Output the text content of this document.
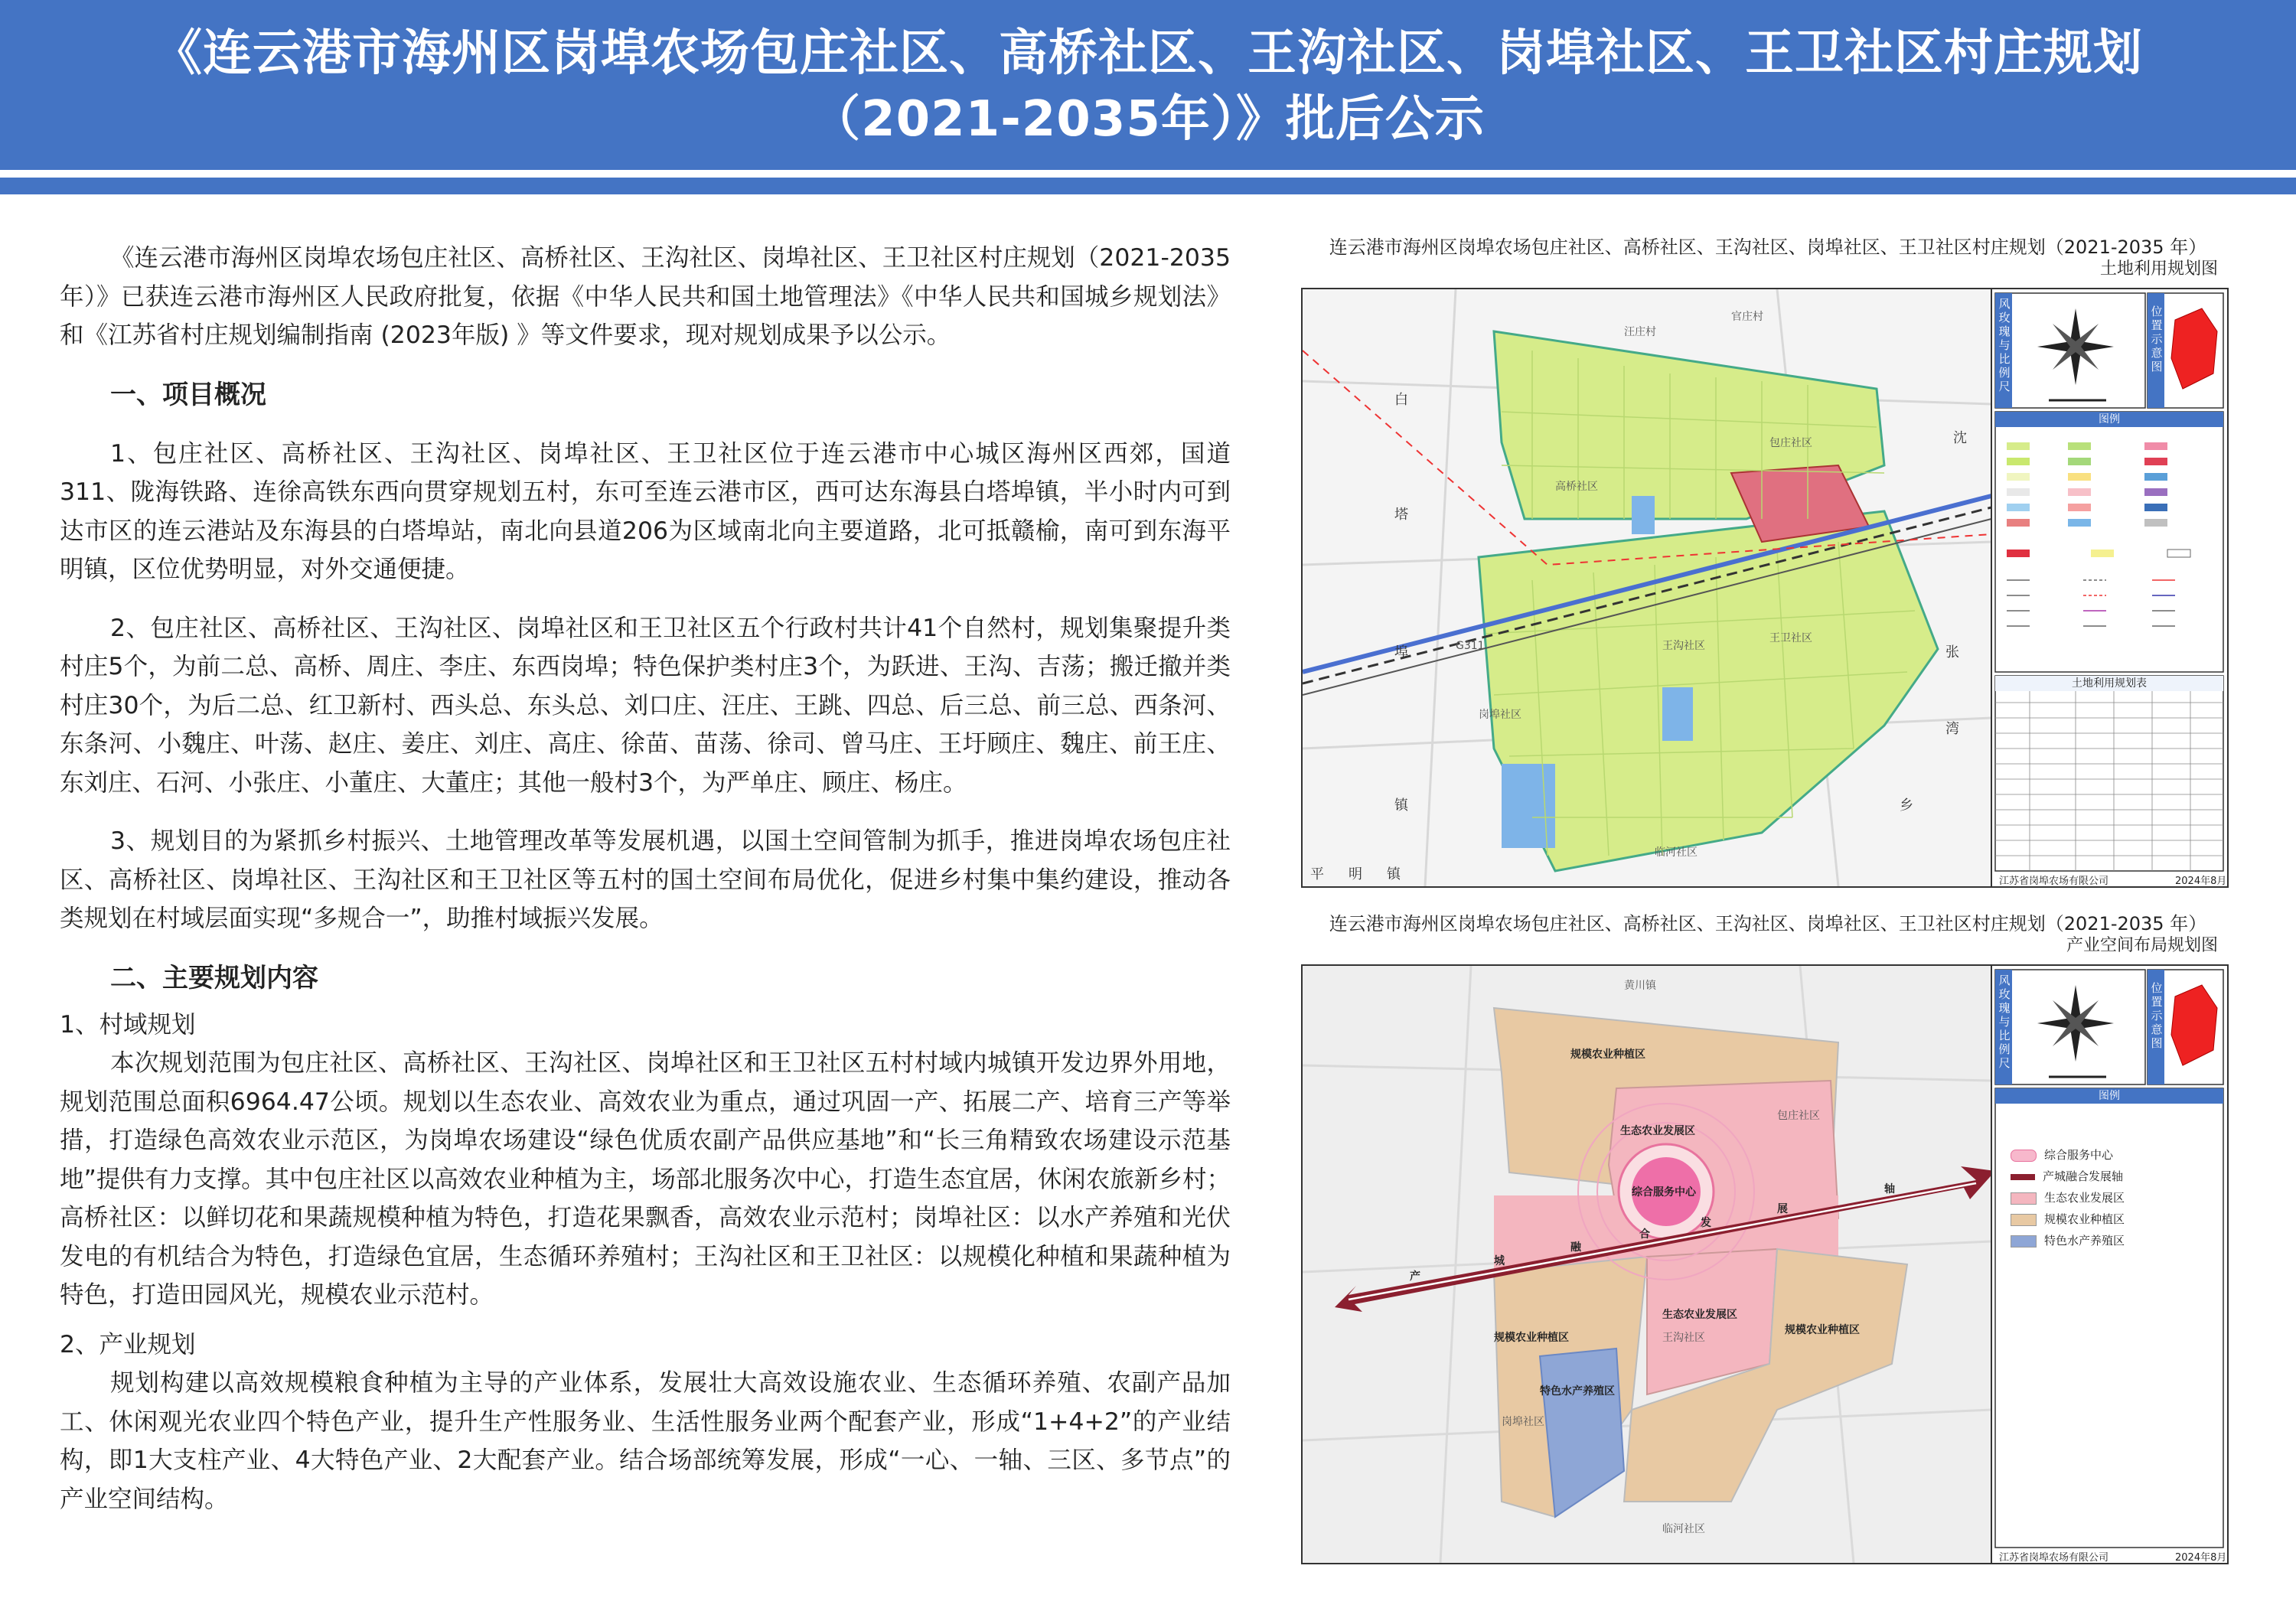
《连云港市海州区岗埠农场包庄社区、高桥社区、王沟社区、岗埠社区、王卫社区村庄规划
（2021-2035年）》批后公示

《连云港市海州区岗埠农场包庄社区、高桥社区、王沟社区、岗埠社区、王卫社区村庄规划（2021-2035年）》已获连云港市海州区人民政府批复，依据《中华人民共和国土地管理法》《中华人民共和国城乡规划法》和《江苏省村庄规划编制指南 (2023年版) 》等文件要求，现对规划成果予以公示。

一、项目概况

1、包庄社区、高桥社区、王沟社区、岗埠社区、王卫社区位于连云港市中心城区海州区西郊，国道311、陇海铁路、连徐高铁东西向贯穿规划五村，东可至连云港市区，西可达东海县白塔埠镇，半小时内可到达市区的连云港站及东海县的白塔埠站，南北向县道206为区域南北向主要道路，北可抵赣榆，南可到东海平明镇，区位优势明显，对外交通便捷。

2、包庄社区、高桥社区、王沟社区、岗埠社区和王卫社区五个行政村共计41个自然村，规划集聚提升类村庄5个，为前二总、高桥、周庄、李庄、东西岗埠；特色保护类村庄3个，为跃进、王沟、吉荡；搬迁撤并类村庄30个，为后二总、红卫新村、西头总、东头总、刘口庄、汪庄、王跳、四总、后三总、前三总、西条河、东条河、小魏庄、叶荡、赵庄、姜庄、刘庄、高庄、徐苗、苗荡、徐司、曾马庄、王圩顾庄、魏庄、前王庄、东刘庄、石河、小张庄、小董庄、大董庄；其他一般村3个，为严单庄、顾庄、杨庄。

3、规划目的为紧抓乡村振兴、土地管理改革等发展机遇，以国土空间管制为抓手，推进岗埠农场包庄社区、高桥社区、岗埠社区、王沟社区和王卫社区等五村的国土空间布局优化，促进乡村集中集约建设，推动各类规划在村域层面实现“多规合一”，助推村域振兴发展。

二、主要规划内容

1、村域规划

本次规划范围为包庄社区、高桥社区、王沟社区、岗埠社区和王卫社区五村村域内城镇开发边界外用地，规划范围总面积6964.47公顷。规划以生态农业、高效农业为重点，通过巩固一产、拓展二产、培育三产等举措，打造绿色高效农业示范区，为岗埠农场建设“绿色优质农副产品供应基地”和“长三角精致农场建设示范基地”提供有力支撑。其中包庄社区以高效农业种植为主，场部北服务次中心，打造生态宜居，休闲农旅新乡村；高桥社区：以鲜切花和果蔬规模种植为特色，打造花果飘香，高效农业示范村；岗埠社区：以水产养殖和光伏发电的有机结合为特色，打造绿色宜居，生态循环养殖村；王沟社区和王卫社区：以规模化种植和果蔬种植为特色，打造田园风光，规模农业示范村。

2、产业规划

规划构建以高效规模粮食种植为主导的产业体系，发展壮大高效设施农业、生态循环养殖、农副产品加工、休闲观光农业四个特色产业，提升生产性服务业、生活性服务业两个配套产业，形成“1+4+2”的产业结构，即1大支柱产业、4大特色产业、2大配套产业。结合场部统筹发展，形成“一心、一轴、三区、多节点”的产业空间结构。

连云港市海州区岗埠农场包庄社区、高桥社区、王沟社区、岗埠社区、王卫社区村庄规划（2021-2035 年）
土地利用规划图
高桥社区
包庄社区
王沟社区
王卫社区
岗埠社区
临河社区
G311
白
塔
埠
镇
平 明 镇
张
湾
乡
沈
官庄村
汪庄村
风玫瑰与比例尺
位置示意图
图例
土地利用规划表
江苏省岗埠农场有限公司	2024年8月
连云港市海州区岗埠农场包庄社区、高桥社区、王沟社区、岗埠社区、王卫社区村庄规划（2021-2035 年）
产业空间布局规划图
规模农业种植区
生态农业发展区
综合服务中心
生态农业发展区
规模农业种植区
规模农业种植区
特色水产养殖区
产
城
融
合
发
展
轴
黄川镇
包庄社区
王沟社区
岗埠社区
临河社区
风玫瑰与比例尺
位置示意图
图例
综合服务中心
产城融合发展轴
生态农业发展区
规模农业种植区
特色水产养殖区
江苏省岗埠农场有限公司	2024年8月
